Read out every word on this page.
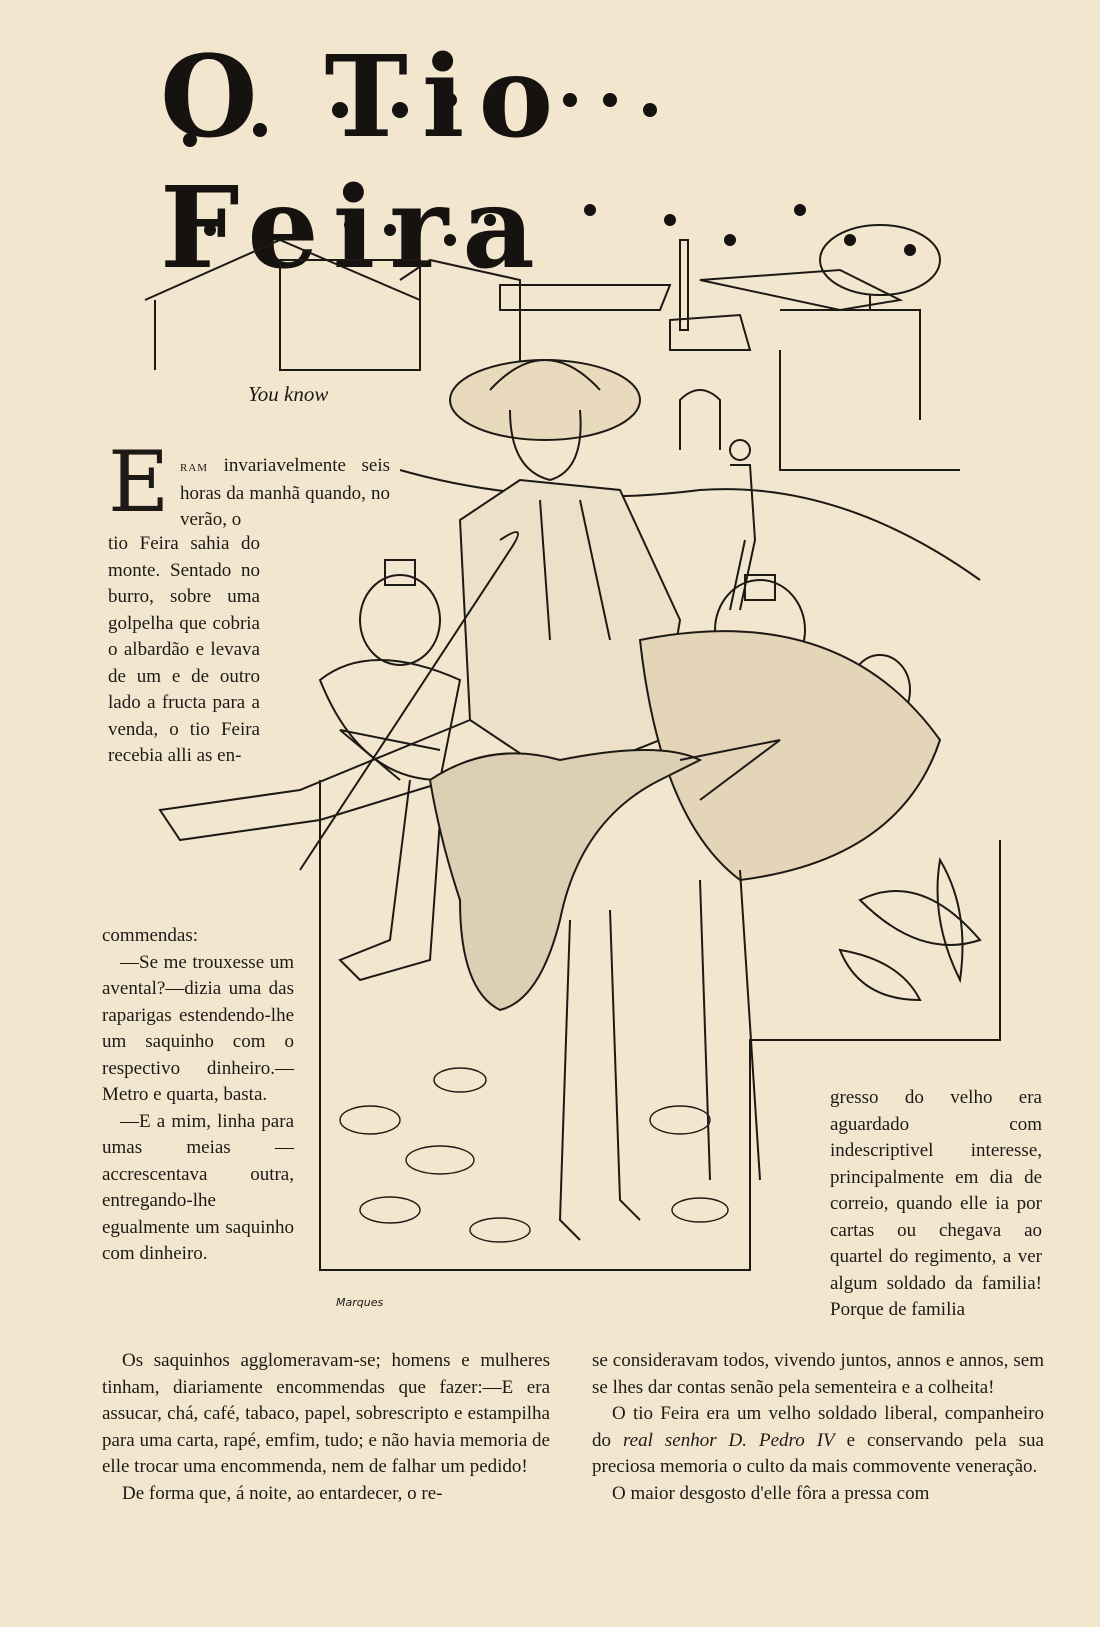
O Tio Feira
You know
E ram invariavelmente seis horas da manhã quando, no verão, o

tio Feira sahia do monte. Sentado no burro, sobre uma golpelha que cobria o albardão e levava de um e de outro lado a fructa para a venda, o tio Feira recebia alli as en-

commendas:

—Se me trouxesse um avental?—dizia uma das raparigas estendendo-lhe um saquinho com o respectivo dinheiro.—Metro e quarta, basta.

—E a mim, linha para umas meias —accrescentava outra, entregando-lhe egualmente um saquinho com dinheiro.

gresso do velho era aguardado com indescriptivel interesse, principalmente em dia de correio, quando elle ia por cartas ou chegava ao quartel do regimento, a ver algum soldado da familia! Porque de familia

Os saquinhos agglomeravam-se; homens e mulheres tinham, diariamente encommendas que fazer:—E era assucar, chá, café, tabaco, papel, sobrescripto e estampilha para uma carta, rapé, emfim, tudo; e não havia memoria de elle trocar uma encommenda, nem de falhar um pedido!

De forma que, á noite, ao entardecer, o re-

se consideravam todos, vivendo juntos, annos e annos, sem se lhes dar contas senão pela sementeira e a colheita!

O tio Feira era um velho soldado liberal, companheiro do real senhor D. Pedro IV e conservando pela sua preciosa memoria o culto da mais commovente veneração.

O maior desgosto d'elle fôra a pressa com

Marques
